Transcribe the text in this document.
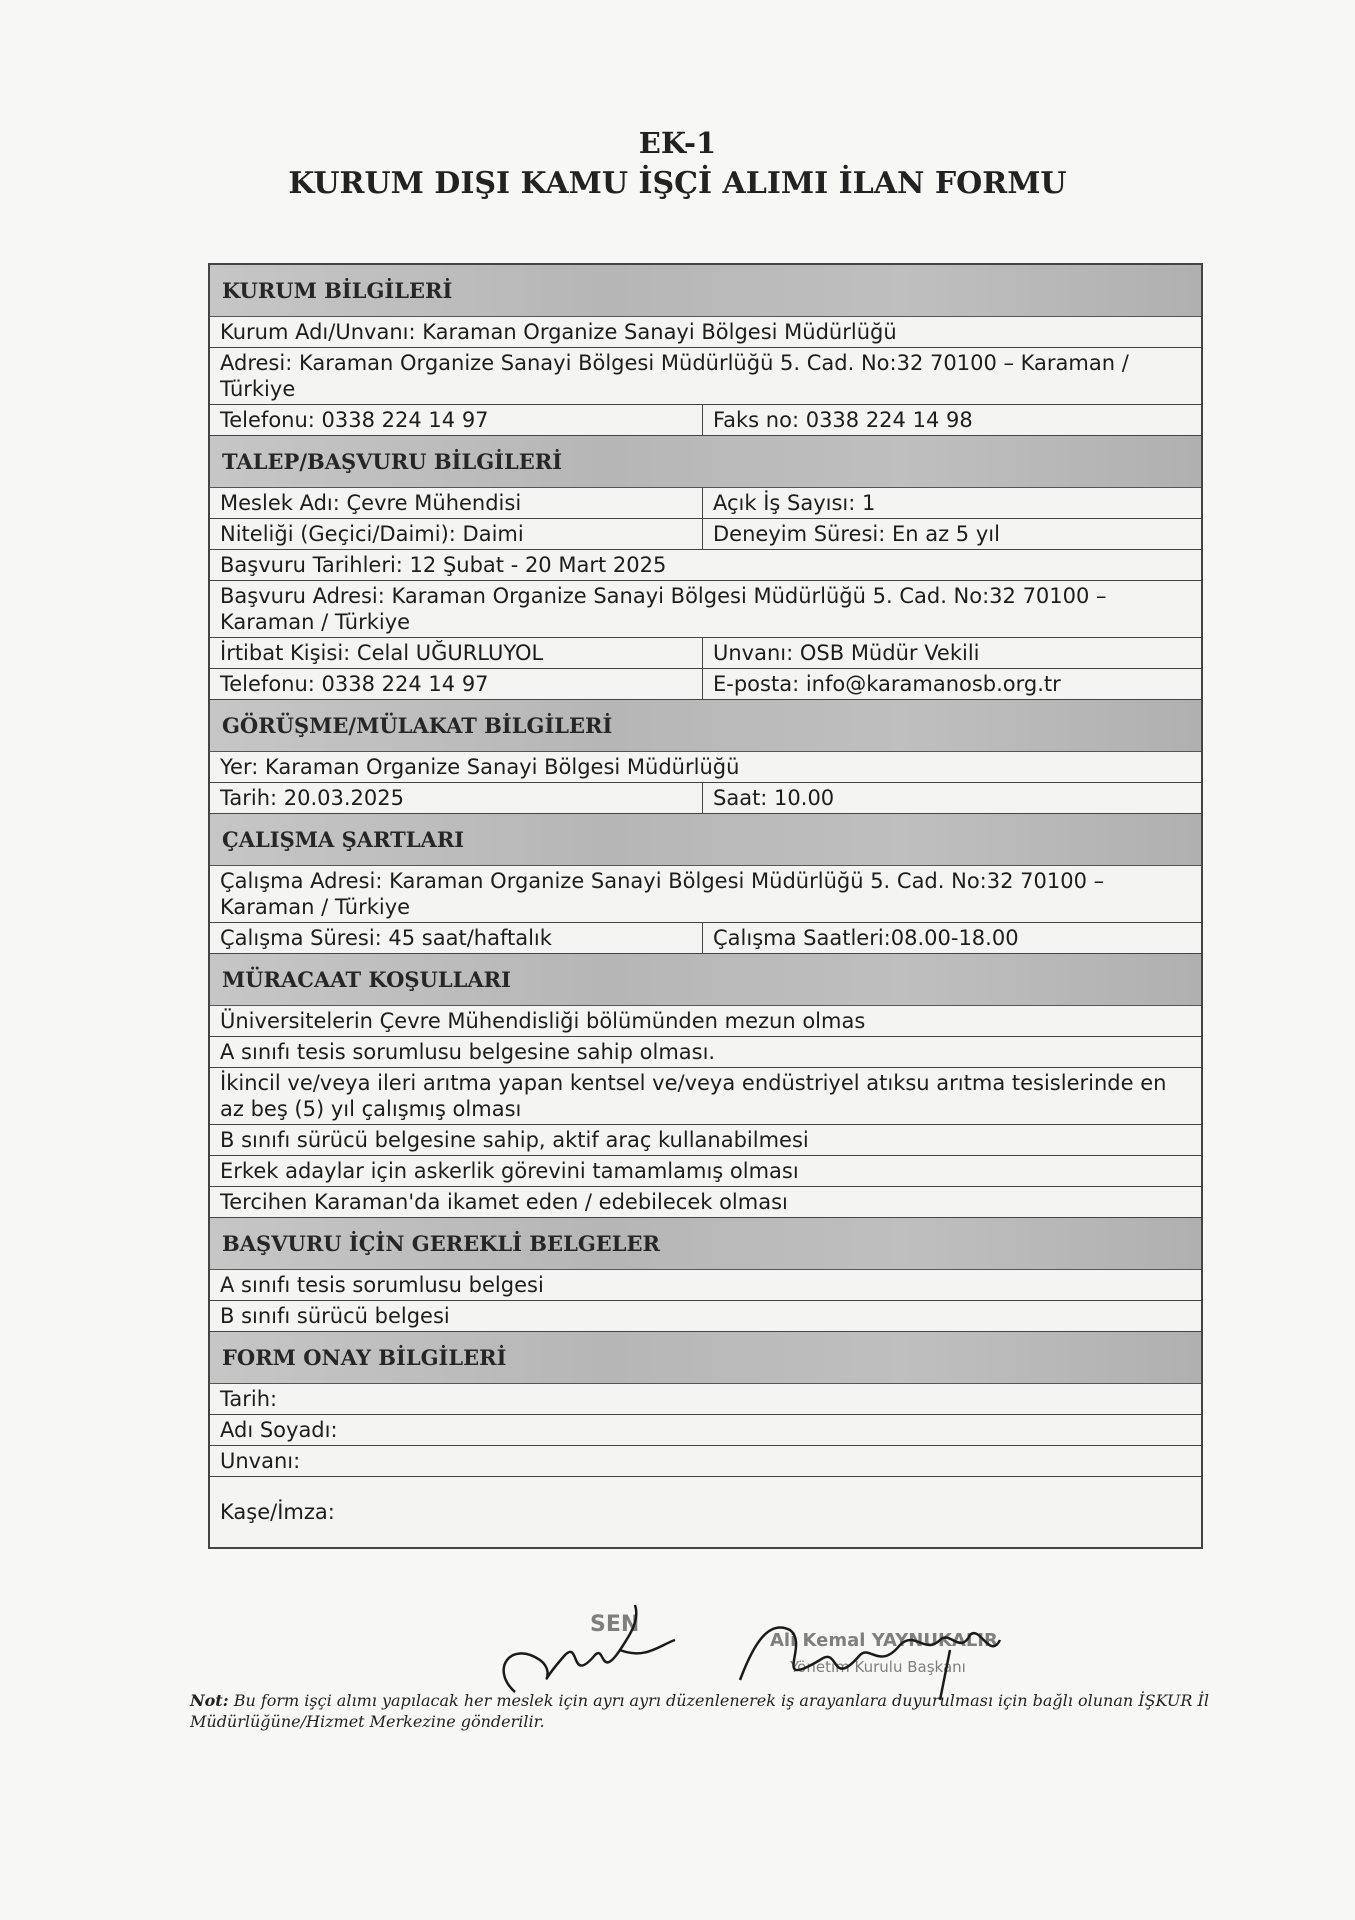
EK-1
KURUM DIŞI KAMU İŞÇİ ALIMI İLAN FORMU
KURUM BİLGİLERİ
Kurum Adı/Unvanı: Karaman Organize Sanayi Bölgesi Müdürlüğü
Adresi: Karaman Organize Sanayi Bölgesi Müdürlüğü 5. Cad. No:32 70100 – Karaman / Türkiye
Telefonu: 0338 224 14 97	Faks no: 0338 224 14 98
TALEP/BAŞVURU BİLGİLERİ
Meslek Adı: Çevre Mühendisi	Açık İş Sayısı: 1
Niteliği (Geçici/Daimi): Daimi	Deneyim Süresi: En az 5 yıl
Başvuru Tarihleri: 12 Şubat - 20 Mart 2025
Başvuru Adresi: Karaman Organize Sanayi Bölgesi Müdürlüğü 5. Cad. No:32 70100 – Karaman / Türkiye
İrtibat Kişisi: Celal UĞURLUYOL	Unvanı: OSB Müdür Vekili
Telefonu: 0338 224 14 97	E-posta: info@karamanosb.org.tr
GÖRÜŞME/MÜLAKAT BİLGİLERİ
Yer: Karaman Organize Sanayi Bölgesi Müdürlüğü
Tarih: 20.03.2025	Saat: 10.00
ÇALIŞMA ŞARTLARI
Çalışma Adresi: Karaman Organize Sanayi Bölgesi Müdürlüğü 5. Cad. No:32 70100 – Karaman / Türkiye
Çalışma Süresi: 45 saat/haftalık	Çalışma Saatleri:08.00-18.00
MÜRACAAT KOŞULLARI
Üniversitelerin Çevre Mühendisliği bölümünden mezun olmas
A sınıfı tesis sorumlusu belgesine sahip olması.
İkincil ve/veya ileri arıtma yapan kentsel ve/veya endüstriyel atıksu arıtma tesislerinde en az beş (5) yıl çalışmış olması
B sınıfı sürücü belgesine sahip, aktif araç kullanabilmesi
Erkek adaylar için askerlik görevini tamamlamış olması
Tercihen Karaman'da ikamet eden / edebilecek olması
BAŞVURU İÇİN GEREKLİ BELGELER
A sınıfı tesis sorumlusu belgesi
B sınıfı sürücü belgesi
FORM ONAY BİLGİLERİ
Tarih:
Adı Soyadı:
Unvanı:
Kaşe/İmza:
SEN
Ali Kemal YAYNUKALIR
Yönetim Kurulu Başkanı
Not: Bu form işçi alımı yapılacak her meslek için ayrı ayrı düzenlenerek iş arayanlara duyurulması için bağlı olunan İŞKUR İl Müdürlüğüne/Hizmet Merkezine gönderilir.
